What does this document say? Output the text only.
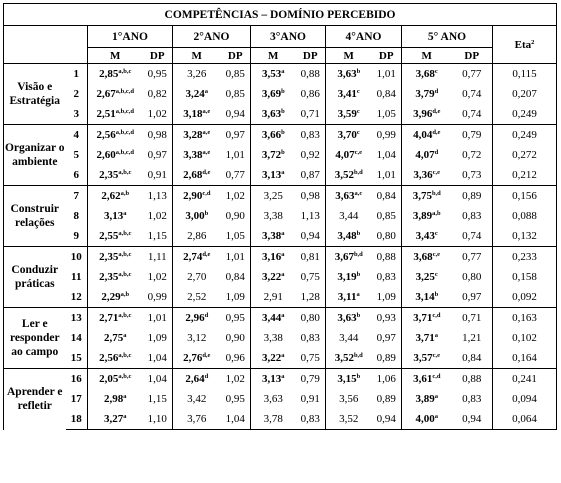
COMPETÊNCIAS – DOMÍNIO PERCEBIDO												
		1°ANO		2°ANO		3°ANO		4°ANO		5° ANO		Eta$^2$
		M	DP	M	DP	M	DP	M	DP	M	DP	
Visão e Estratégia	1	2,85$^{a,b,c}$	0,95	3,26	0,85	3,53$^a$	0,88	3,63$^b$	1,01	3,68$^c$	0,77	0,115
	2	2,67$^{a,b,c,d}$	0,82	3,24$^a$	0,85	3,69$^b$	0,86	3,41$^c$	0,84	3,79$^d$	0,74	0,207
	3	2,51$^{a,b,c,d}$	1,02	3,18$^{a,e}$	0,94	3,63$^b$	0,71	3,59$^c$	1,05	3,96$^{d,e}$	0,74	0,249
Organizar o ambiente	4	2,56$^{a,b,c,d}$	0,98	3,28$^{a,e}$	0,97	3,66$^b$	0,83	3,70$^c$	0,99	4,04$^{d,e}$	0,79	0,249
	5	2,60$^{a,b,c,d}$	0,97	3,38$^{a,e}$	1,01	3,72$^b$	0,92	4,07$^{c,e}$	1,04	4,07$^d$	0,72	0,272
	6	2,35$^{a,b,c}$	0,91	2,68$^{d,e}$	0,77	3,13$^a$	0,87	3,52$^{b,d}$	1,01	3,36$^{c,e}$	0,73	0,212
Construir relações	7	2,62$^{a,b}$	1,13	2,90$^{c,d}$	1,02	3,25	0,98	3,63$^{a,c}$	0,84	3,75$^{b,d}$	0,89	0,156
	8	3,13$^a$	1,02	3,00$^b$	0,90	3,38	1,13	3,44	0,85	3,89$^{a,b}$	0,83	0,088
	9	2,55$^{a,b,c}$	1,15	2,86	1,05	3,38$^a$	0,94	3,48$^b$	0,80	3,43$^c$	0,74	0,132
Conduzir práticas	10	2,35$^{a,b,c}$	1,11	2,74$^{d,e}$	1,01	3,16$^a$	0,81	3,67$^{b,d}$	0,88	3,68$^{c,e}$	0,77	0,233
	11	2,35$^{a,b,c}$	1,02	2,70	0,84	3,22$^a$	0,75	3,19$^b$	0,83	3,25$^c$	0,80	0,158
	12	2,29$^{a,b}$	0,99	2,52	1,09	2,91	1,28	3,11$^a$	1,09	3,14$^b$	0,97	0,092
Ler e responder ao campo	13	2,71$^{a,b,c}$	1,01	2,96$^d$	0,95	3,44$^a$	0,80	3,63$^b$	0,93	3,71$^{c,d}$	0,71	0,163
	14	2,75$^a$	1,09	3,12	0,90	3,38	0,83	3,44	0,97	3,71$^a$	1,21	0,102
	15	2,56$^{a,b,c}$	1,04	2,76$^{d,e}$	0,96	3,22$^a$	0,75	3,52$^{b,d}$	0,89	3,57$^{c,e}$	0,84	0,164
Aprender e refletir	16	2,05$^{a,b,c}$	1,04	2,64$^d$	1,02	3,13$^a$	0,79	3,15$^b$	1,06	3,61$^{c,d}$	0,88	0,241
	17	2,98$^a$	1,15	3,42	0,95	3,63	0,91	3,56	0,89	3,89$^a$	0,83	0,094
	18	3,27$^a$	1,10	3,76	1,04	3,78	0,83	3,52	0,94	4,00$^a$	0,94	0,064
